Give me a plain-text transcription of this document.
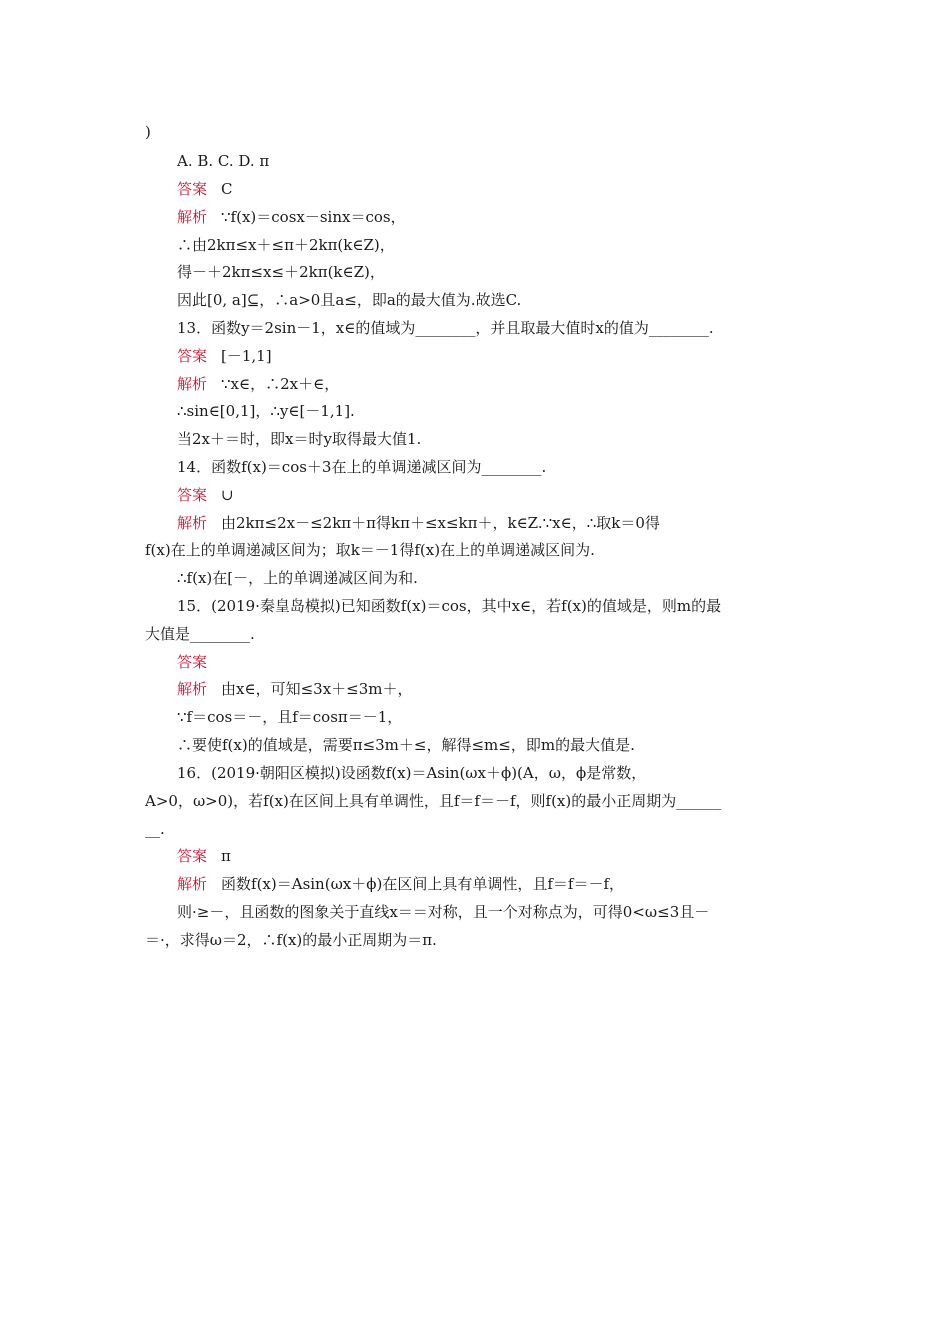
)
A. B. C. D. π
答案 C
解析 ∵f(x)＝cosx－sinx＝cos，
∴由2kπ≤x＋≤π＋2kπ(k∈Z)，
得－＋2kπ≤x≤＋2kπ(k∈Z)，
因此[0, a]⊆，∴a>0且a≤，即a的最大值为.故选C.
13．函数y＝2sin－1，x∈的值域为________，并且取最大值时x的值为________.
答案 [－1,1]
解析 ∵x∈，∴2x＋∈，
∴sin∈[0,1]，∴y∈[－1,1].
当2x＋＝时，即x＝时y取得最大值1.
14．函数f(x)＝cos＋3在上的单调递减区间为________.
答案 ∪
解析 由2kπ≤2x－≤2kπ＋π得kπ＋≤x≤kπ＋，k∈Z.∵x∈，∴取k＝0得
f(x)在上的单调递减区间为；取k＝－1得f(x)在上的单调递减区间为.
∴f(x)在[－，上的单调递减区间为和.
15．(2019·秦皇岛模拟)已知函数f(x)＝cos，其中x∈，若f(x)的值域是，则m的最
大值是________.
答案
解析 由x∈，可知≤3x＋≤3m＋，
∵f＝cos＝－，且f＝cosπ＝－1，
∴要使f(x)的值域是，需要π≤3m＋≤，解得≤m≤，即m的最大值是.
16．(2019·朝阳区模拟)设函数f(x)＝Asin(ωx＋ϕ)(A，ω，ϕ是常数，
A>0，ω>0)，若f(x)在区间上具有单调性，且f＝f＝－f，则f(x)的最小正周期为______
__.
答案 π
解析 函数f(x)＝Asin(ωx＋ϕ)在区间上具有单调性，且f＝f＝－f，
则·≥－，且函数的图象关于直线x＝＝对称，且一个对称点为，可得0<ω≤3且－
＝·，求得ω＝2，∴f(x)的最小正周期为＝π.
